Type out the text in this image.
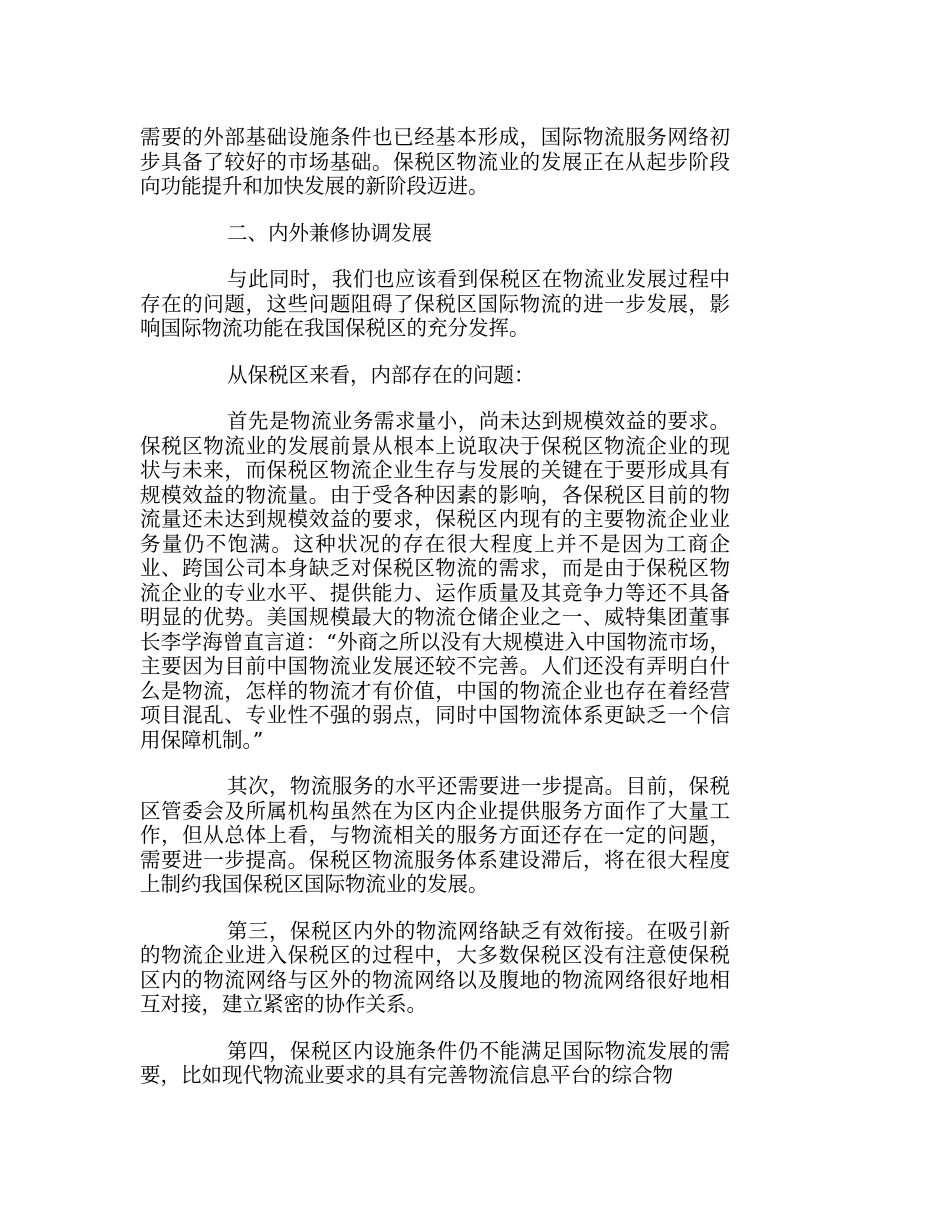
需要的外部基础设施条件也已经基本形成，国际物流服务网络初步具备了较好的市场基础。保税区物流业的发展正在从起步阶段向功能提升和加快发展的新阶段迈进。

二、内外兼修协调发展

与此同时，我们也应该看到保税区在物流业发展过程中存在的问题，这些问题阻碍了保税区国际物流的进一步发展，影响国际物流功能在我国保税区的充分发挥。

从保税区来看，内部存在的问题：

首先是物流业务需求量小，尚未达到规模效益的要求。保税区物流业的发展前景从根本上说取决于保税区物流企业的现状与未来，而保税区物流企业生存与发展的关键在于要形成具有规模效益的物流量。由于受各种因素的影响，各保税区目前的物流量还未达到规模效益的要求，保税区内现有的主要物流企业业务量仍不饱满。这种状况的存在很大程度上并不是因为工商企业、跨国公司本身缺乏对保税区物流的需求，而是由于保税区物流企业的专业水平、提供能力、运作质量及其竞争力等还不具备明显的优势。美国规模最大的物流仓储企业之一、威特集团董事长李学海曾直言道：“外商之所以没有大规模进入中国物流市场，主要因为目前中国物流业发展还较不完善。人们还没有弄明白什么是物流，怎样的物流才有价值，中国的物流企业也存在着经营项目混乱、专业性不强的弱点，同时中国物流体系更缺乏一个信用保障机制。”

其次，物流服务的水平还需要进一步提高。目前，保税区管委会及所属机构虽然在为区内企业提供服务方面作了大量工作，但从总体上看，与物流相关的服务方面还存在一定的问题，需要进一步提高。保税区物流服务体系建设滞后，将在很大程度上制约我国保税区国际物流业的发展。

第三，保税区内外的物流网络缺乏有效衔接。在吸引新的物流企业进入保税区的过程中，大多数保税区没有注意使保税区内的物流网络与区外的物流网络以及腹地的物流网络很好地相互对接，建立紧密的协作关系。

第四，保税区内设施条件仍不能满足国际物流发展的需要，比如现代物流业要求的具有完善物流信息平台的综合物
